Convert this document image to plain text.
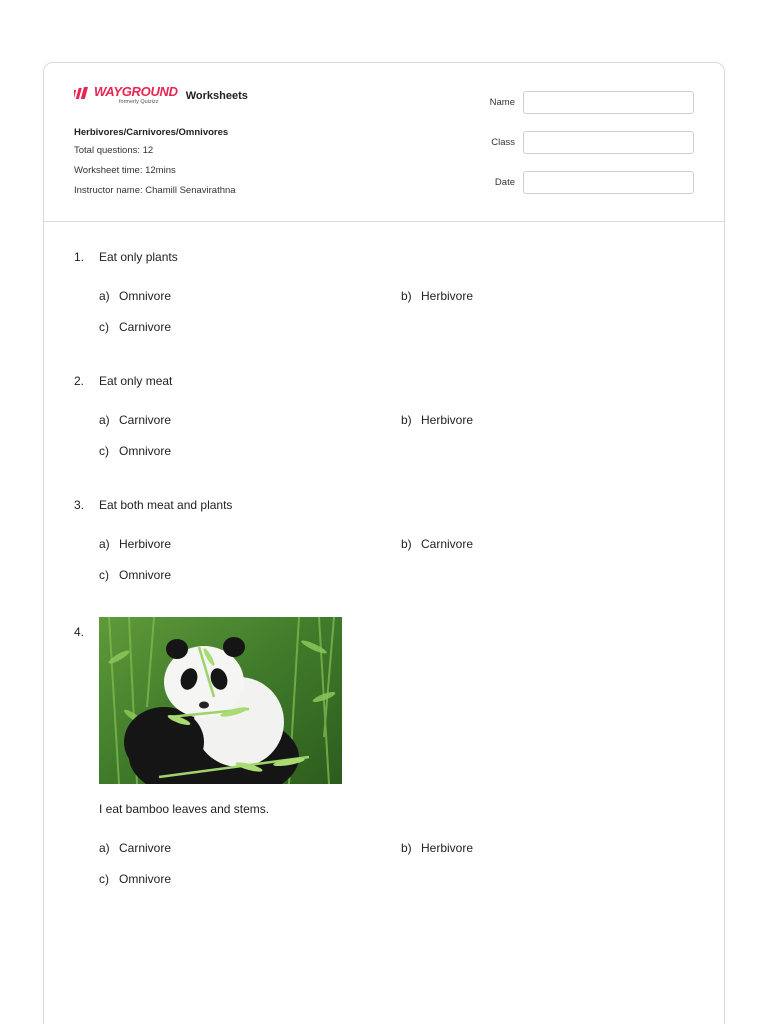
WAYGROUND
formerly Quizizz	Worksheets
Herbivores/Carnivores/Omnivores
Total questions: 12
Worksheet time: 12mins
Instructor name: Chamill Senavirathna
Name
Class
Date
1. Eat only plants
a) Omnivore	b) Herbivore
c) Carnivore
2. Eat only meat
a) Carnivore	b) Herbivore
c) Omnivore
3. Eat both meat and plants
a) Herbivore	b) Carnivore
c) Omnivore
4.
I eat bamboo leaves and stems.
a) Carnivore	b) Herbivore
c) Omnivore
